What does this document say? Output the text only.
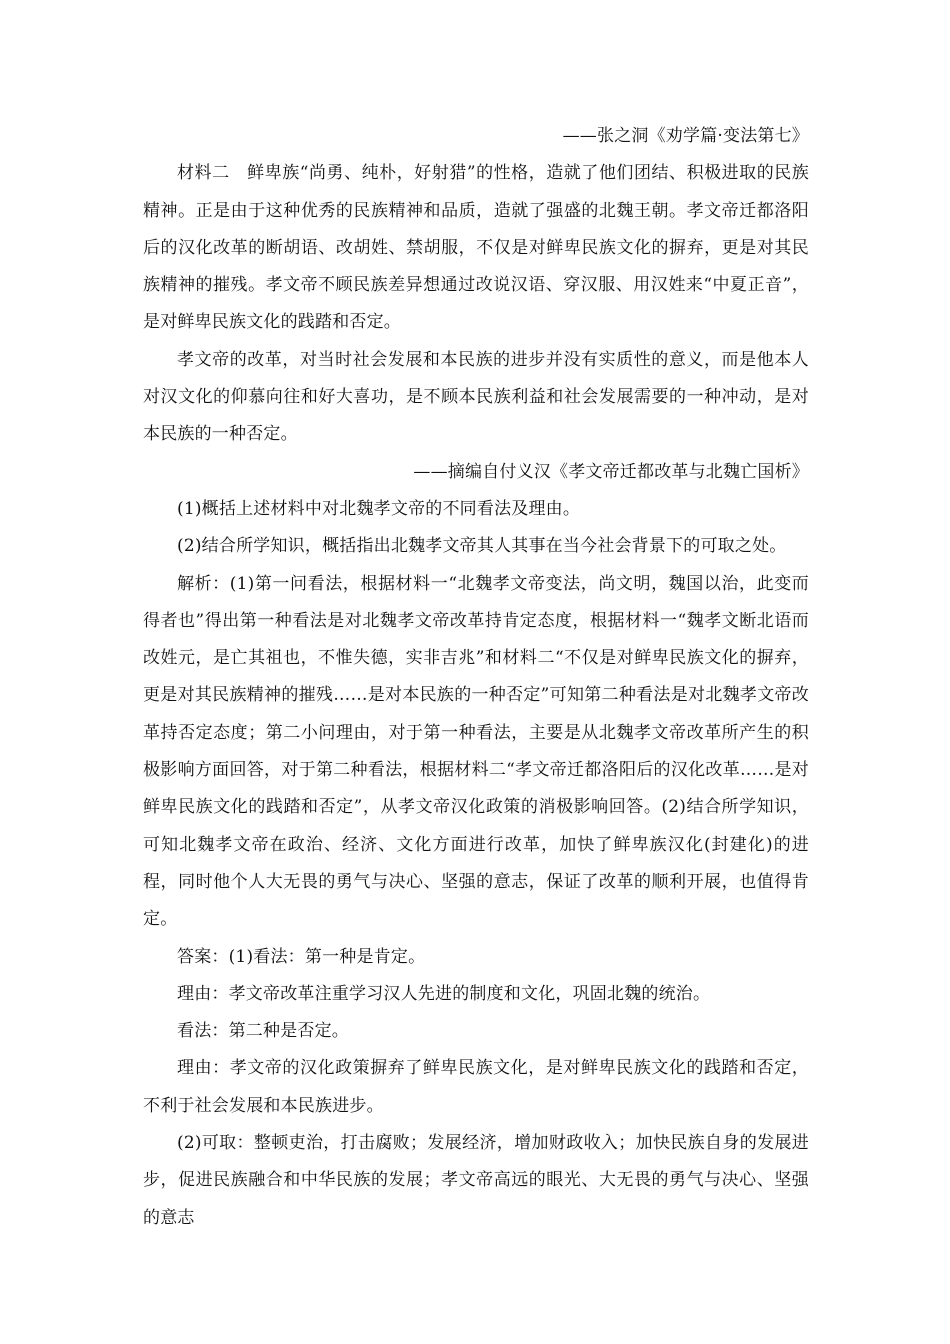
——张之洞《劝学篇·变法第七》

材料二　鲜卑族“尚勇、纯朴，好射猎”的性格，造就了他们团结、积极进取的民族精神。正是由于这种优秀的民族精神和品质，造就了强盛的北魏王朝。孝文帝迁都洛阳后的汉化改革的断胡语、改胡姓、禁胡服，不仅是对鲜卑民族文化的摒弃，更是对其民族精神的摧残。孝文帝不顾民族差异想通过改说汉语、穿汉服、用汉姓来“中夏正音”，是对鲜卑民族文化的践踏和否定。

孝文帝的改革，对当时社会发展和本民族的进步并没有实质性的意义，而是他本人对汉文化的仰慕向往和好大喜功，是不顾本民族利益和社会发展需要的一种冲动，是对本民族的一种否定。

——摘编自付义汉《孝文帝迁都改革与北魏亡国析》

(1)概括上述材料中对北魏孝文帝的不同看法及理由。

(2)结合所学知识，概括指出北魏孝文帝其人其事在当今社会背景下的可取之处。

解析：(1)第一问看法，根据材料一“北魏孝文帝变法，尚文明，魏国以治，此变而得者也”得出第一种看法是对北魏孝文帝改革持肯定态度，根据材料一“魏孝文断北语而改姓元，是亡其祖也，不惟失德，实非吉兆”和材料二“不仅是对鲜卑民族文化的摒弃，更是对其民族精神的摧残……是对本民族的一种否定”可知第二种看法是对北魏孝文帝改革持否定态度；第二小问理由，对于第一种看法，主要是从北魏孝文帝改革所产生的积极影响方面回答，对于第二种看法，根据材料二“孝文帝迁都洛阳后的汉化改革……是对鲜卑民族文化的践踏和否定”，从孝文帝汉化政策的消极影响回答。(2)结合所学知识，可知北魏孝文帝在政治、经济、文化方面进行改革，加快了鲜卑族汉化(封建化)的进程，同时他个人大无畏的勇气与决心、坚强的意志，保证了改革的顺利开展，也值得肯定。

答案：(1)看法：第一种是肯定。

理由：孝文帝改革注重学习汉人先进的制度和文化，巩固北魏的统治。

看法：第二种是否定。

理由：孝文帝的汉化政策摒弃了鲜卑民族文化，是对鲜卑民族文化的践踏和否定，不利于社会发展和本民族进步。

(2)可取：整顿吏治，打击腐败；发展经济，增加财政收入；加快民族自身的发展进步，促进民族融合和中华民族的发展；孝文帝高远的眼光、大无畏的勇气与决心、坚强的意志
